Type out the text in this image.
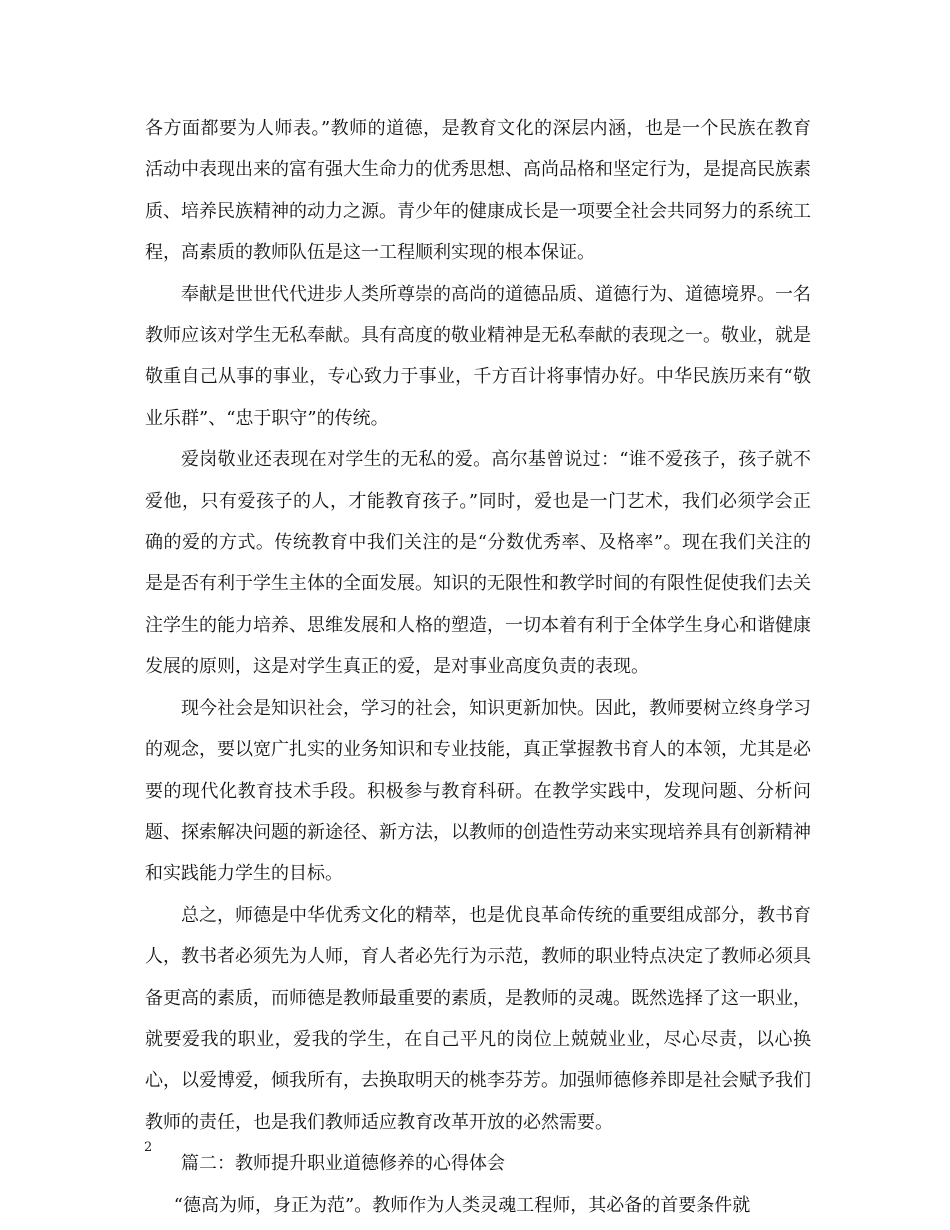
各方面都要为人师表。”教师的道德，是教育文化的深层内涵，也是一个民族在教育活动中表现出来的富有强大生命力的优秀思想、高尚品格和坚定行为，是提高民族素质、培养民族精神的动力之源。青少年的健康成长是一项要全社会共同努力的系统工程，高素质的教师队伍是这一工程顺利实现的根本保证。

奉献是世世代代进步人类所尊崇的高尚的道德品质、道德行为、道德境界。一名教师应该对学生无私奉献。具有高度的敬业精神是无私奉献的表现之一。敬业，就是敬重自己从事的事业，专心致力于事业，千方百计将事情办好。中华民族历来有“敬业乐群”、“忠于职守”的传统。

爱岗敬业还表现在对学生的无私的爱。高尔基曾说过：“谁不爱孩子，孩子就不爱他，只有爱孩子的人，才能教育孩子。”同时，爱也是一门艺术，我们必须学会正确的爱的方式。传统教育中我们关注的是“分数优秀率、及格率”。现在我们关注的是是否有利于学生主体的全面发展。知识的无限性和教学时间的有限性促使我们去关注学生的能力培养、思维发展和人格的塑造，一切本着有利于全体学生身心和谐健康发展的原则，这是对学生真正的爱，是对事业高度负责的表现。

现今社会是知识社会，学习的社会，知识更新加快。因此，教师要树立终身学习的观念，要以宽广扎实的业务知识和专业技能，真正掌握教书育人的本领，尤其是必要的现代化教育技术手段。积极参与教育科研。在教学实践中，发现问题、分析问题、探索解决问题的新途径、新方法，以教师的创造性劳动来实现培养具有创新精神和实践能力学生的目标。

总之，师德是中华优秀文化的精萃，也是优良革命传统的重要组成部分，教书育人，教书者必须先为人师，育人者必先行为示范，教师的职业特点决定了教师必须具备更高的素质，而师德是教师最重要的素质，是教师的灵魂。既然选择了这一职业，就要爱我的职业，爱我的学生，在自己平凡的岗位上兢兢业业，尽心尽责，以心换心，以爱博爱，倾我所有，去换取明天的桃李芬芳。加强师德修养即是社会赋予我们教师的责任，也是我们教师适应教育改革开放的必然需要。

篇二：教师提升职业道德修养的心得体会

“德高为师，身正为范”。教师作为人类灵魂工程师，其必备的首要条件就

2
